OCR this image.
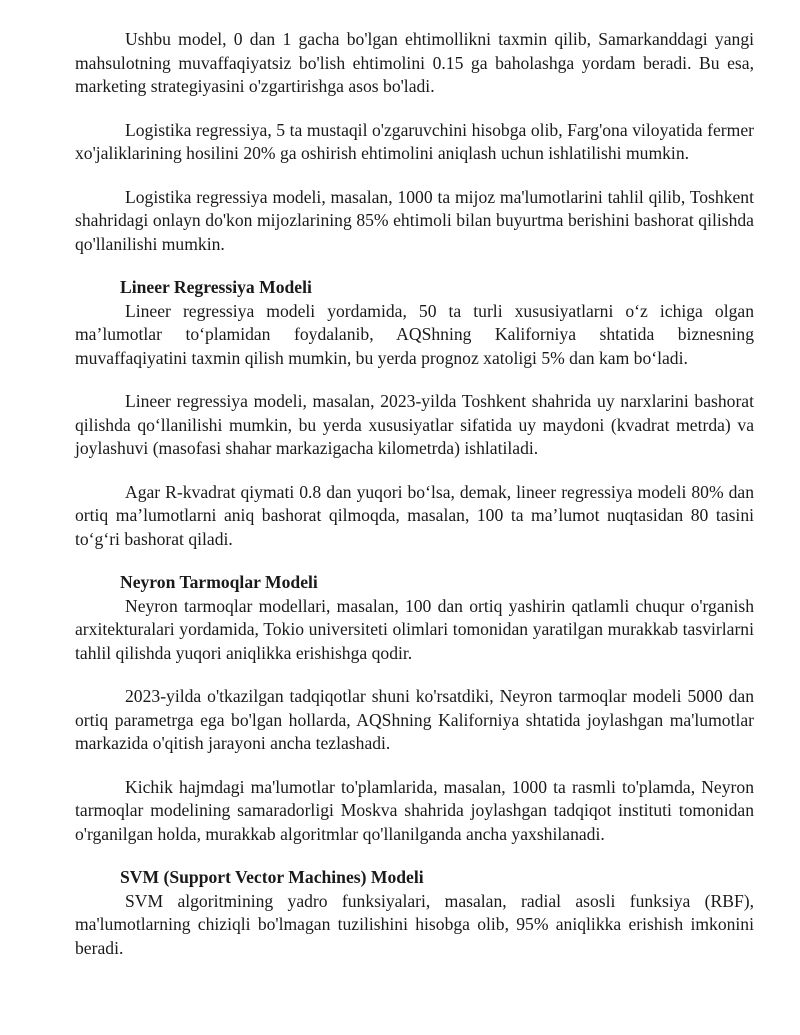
Ushbu model, 0 dan 1 gacha bo'lgan ehtimollikni taxmin qilib, Samarkanddagi yangi mahsulotning muvaffaqiyatsiz bo'lish ehtimolini 0.15 ga baholashga yordam beradi. Bu esa, marketing strategiyasini o'zgartirishga asos bo'ladi.

Logistika regressiya, 5 ta mustaqil o'zgaruvchini hisobga olib, Farg'ona viloyatida fermer xo'jaliklarining hosilini 20% ga oshirish ehtimolini aniqlash uchun ishlatilishi mumkin.

Logistika regressiya modeli, masalan, 1000 ta mijoz ma'lumotlarini tahlil qilib, Toshkent shahridagi onlayn do'kon mijozlarining 85% ehtimoli bilan buyurtma berishini bashorat qilishda qo'llanilishi mumkin.

Lineer Regressiya Modeli

Lineer regressiya modeli yordamida, 50 ta turli xususiyatlarni o‘z ichiga olgan ma’lumotlar to‘plamidan foydalanib, AQShning Kaliforniya shtatida biznesning muvaffaqiyatini taxmin qilish mumkin, bu yerda prognoz xatoligi 5% dan kam bo‘ladi.

Lineer regressiya modeli, masalan, 2023-yilda Toshkent shahrida uy narxlarini bashorat qilishda qo‘llanilishi mumkin, bu yerda xususiyatlar sifatida uy maydoni (kvadrat metrda) va joylashuvi (masofasi shahar markazigacha kilometrda) ishlatiladi.

Agar R-kvadrat qiymati 0.8 dan yuqori bo‘lsa, demak, lineer regressiya modeli 80% dan ortiq ma’lumotlarni aniq bashorat qilmoqda, masalan, 100 ta ma’lumot nuqtasidan 80 tasini to‘g‘ri bashorat qiladi.

Neyron Tarmoqlar Modeli

Neyron tarmoqlar modellari, masalan, 100 dan ortiq yashirin qatlamli chuqur o'rganish arxitekturalari yordamida, Tokio universiteti olimlari tomonidan yaratilgan murakkab tasvirlarni tahlil qilishda yuqori aniqlikka erishishga qodir.

2023-yilda o'tkazilgan tadqiqotlar shuni ko'rsatdiki, Neyron tarmoqlar modeli 5000 dan ortiq parametrga ega bo'lgan hollarda, AQShning Kaliforniya shtatida joylashgan ma'lumotlar markazida o'qitish jarayoni ancha tezlashadi.

Kichik hajmdagi ma'lumotlar to'plamlarida, masalan, 1000 ta rasmli to'plamda, Neyron tarmoqlar modelining samaradorligi Moskva shahrida joylashgan tadqiqot instituti tomonidan o'rganilgan holda, murakkab algoritmlar qo'llanilganda ancha yaxshilanadi.

SVM (Support Vector Machines) Modeli

SVM algoritmining yadro funksiyalari, masalan, radial asosli funksiya (RBF), ma'lumotlarning chiziqli bo'lmagan tuzilishini hisobga olib, 95% aniqlikka erishish imkonini beradi.
